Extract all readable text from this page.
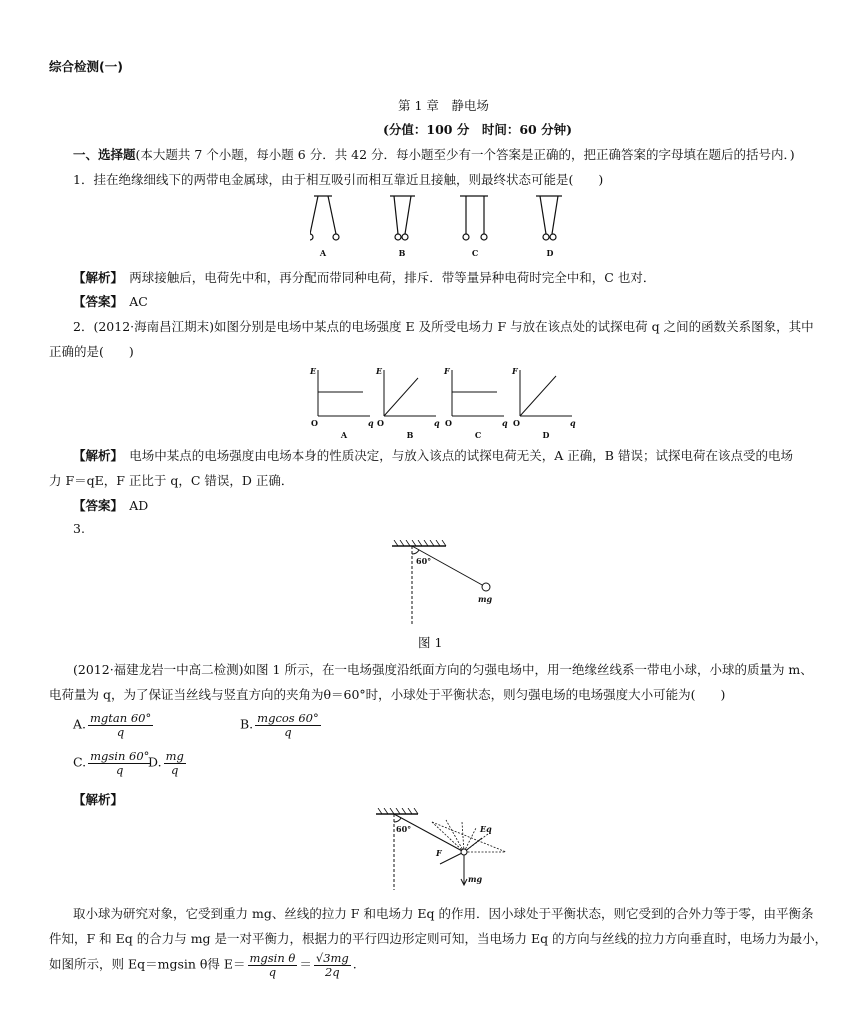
综合检测(一)
第 1 章　静电场
(分值：100 分　时间：60 分钟)
一、选择题(本大题共 7 个小题，每小题 6 分．共 42 分．每小题至少有一个答案是正确的，把正确答案的字母填在题后的括号内．)
1．挂在绝缘细线下的两带电金属球，由于相互吸引而相互靠近且接触，则最终状态可能是(　　)
A	B	C	D
【解析】　 两球接触后，电荷先中和，再分配而带同种电荷，排斥．带等量异种电荷时完全中和，C 也对．
【答案】　 AC
2．(2012·海南昌江期末)如图分别是电场中某点的电场强度 E 及所受电场力 F 与放在该点处的试探电荷 q 之间的函数关系图象，其中
正确的是(　　)
E
q
E
q
F
q
F
q
O	O	O	O
A	B	C	D
【解析】　 电场中某点的电场强度由电场本身的性质决定，与放入该点的试探电荷无关，A 正确，B 错误；试探电荷在该点受的电场
力 F＝qE，F 正比于 q，C 错误，D 正确．
【答案】　 AD
3.
60°
mg
图 1
(2012·福建龙岩一中高二检测)如图 1 所示，在一电场强度沿纸面方向的匀强电场中，用一绝缘丝线系一带电小球，小球的质量为 m、
电荷量为 q，为了保证当丝线与竖直方向的夹角为θ＝60°时，小球处于平衡状态，则匀强电场的电场强度大小可能为(　　)
A. $\frac{mgtan 60^\circ}{q}$	B. $\frac{mgcos 60^\circ}{q}$
C. $\frac{mgsin 60^\circ}{q}$
D. $\frac{mg}{q}$
【解析】
60°	Eq
F
mg
取小球为研究对象，它受到重力 mg、丝线的拉力 F 和电场力 Eq 的作用．因小球处于平衡状态，则它受到的合外力等于零，由平衡条
件知，F 和 Eq 的合力与 mg 是一对平衡力，根据力的平行四边形定则可知，当电场力 Eq 的方向与丝线的拉力方向垂直时，电场力为最小，
如图所示，则 Eq＝mgsin θ得 $E= \frac{\text{mgsin θ}}{q} = \frac{√3mg}{2q}$ .
